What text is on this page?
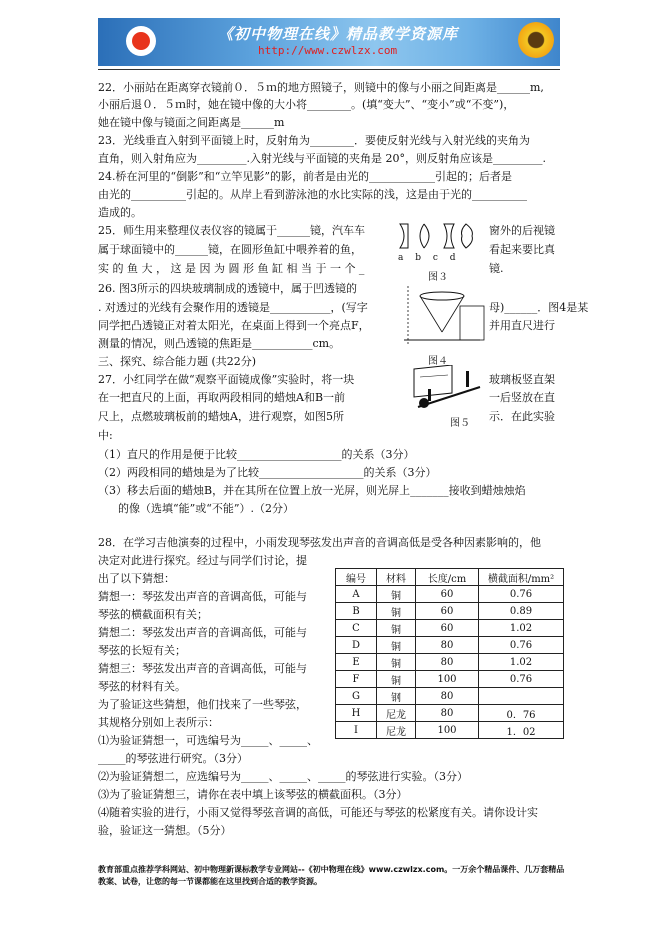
《初中物理在线》精品教学资源库
http://www.czwlzx.com
22．小丽站在距离穿衣镜前０．５ｍ的地方照镜子，则镜中的像与小丽之间距离是______m,
小丽后退０．５ｍ时，她在镜中像的大小将________。(填“变大”、“变小”或“不变”)，
她在镜中像与镜面之间距离是______m
23．光线垂直入射到平面镜上时，反射角为________．要使反射光线与入射光线的夹角为
直角，则入射角应为_________.入射光线与平面镜的夹角是 20°，则反射角应该是_________.
24.桥在河里的“倒影”和“立竿见影”的影，前者是由光的____________引起的；后者是
由光的__________引起的。从岸上看到游泳池的水比实际的浅，这是由于光的__________
造成的。
25．师生用来整理仪表仪容的镜属于______镜，汽车车
属于球面镜中的______镜，在圆形鱼缸中喂养着的鱼，
实 的 鱼 大 ， 这 是 因 为 圆 形 鱼 缸 相 当 于 一 个 _
26. 图3所示的四块玻璃制成的透镜中，属于凹透镜的
. 对透过的光线有会聚作用的透镜是___________，(写字
同学把凸透镜正对着太阳光，在桌面上得到一个亮点F，
测量的情况，则凸透镜的焦距是___________cm。
三、探究、综合能力题 (共22分)
27．小红同学在做“观察平面镜成像”实验时，将一块
在一把直尺的上面，再取两段相同的蜡烛A和B一前
尺上，点燃玻璃板前的蜡烛A，进行观察，如图5所
中:
（1）直尺的作用是便于比较___________________的关系（3分）
（2）两段相同的蜡烛是为了比较___________________的关系（3分）
（3）移去后面的蜡烛B，并在其所在位置上放一光屏，则光屏上_______接收到蜡烛烛焰
的像（选填“能”或“不能”）.（2分）
窗外的后视镜
看起来要比真
镜.
母)______．图4是某
并用直尺进行
玻璃板竖直架
一后竖放在直
示．在此实验
a　 b　 c　 d
图３
图４
图５
28．在学习吉他演奏的过程中，小雨发现琴弦发出声音的音调高低是受各种因素影响的，他
决定对此进行探究。经过与同学们讨论，提
出了以下猜想：
猜想一：琴弦发出声音的音调高低，可能与
琴弦的横截面积有关；
猜想二：琴弦发出声音的音调高低，可能与
琴弦的长短有关；
猜想三：琴弦发出声音的音调高低，可能与
琴弦的材料有关。
为了验证这些猜想，他们找来了一些琴弦，
其规格分别如上表所示：
⑴为验证猜想一，可选编号为_____、_____、
_____的琴弦进行研究。（3分）
⑵为验证猜想二，应选编号为_____、_____、_____的琴弦进行实验。（3分）
⑶为了验证猜想三，请你在表中填上该琴弦的横截面积。（3分）
⑷随着实验的进行，小雨又觉得琴弦音调的高低，可能还与琴弦的松紧度有关。请你设计实
验，验证这一猜想。（5分）
编号	材料	长度/cm	横截面积/mm²
A	铜	60	0.76
B	铜	60	0.89
C	铜	60	1.02
D	铜	80	0.76
E	铜	80	1.02
F	铜	100	0.76
G	钢	80	
H	尼龙	80	0．76
I	尼龙	100	1．02
教育部重点推荐学科网站、初中物理新课标教学专业网站--《初中物理在线》www.czwlzx.com。一万余个精品课件、几万套精品教案、试卷，让您的每一节课都能在这里找到合适的教学资源。
